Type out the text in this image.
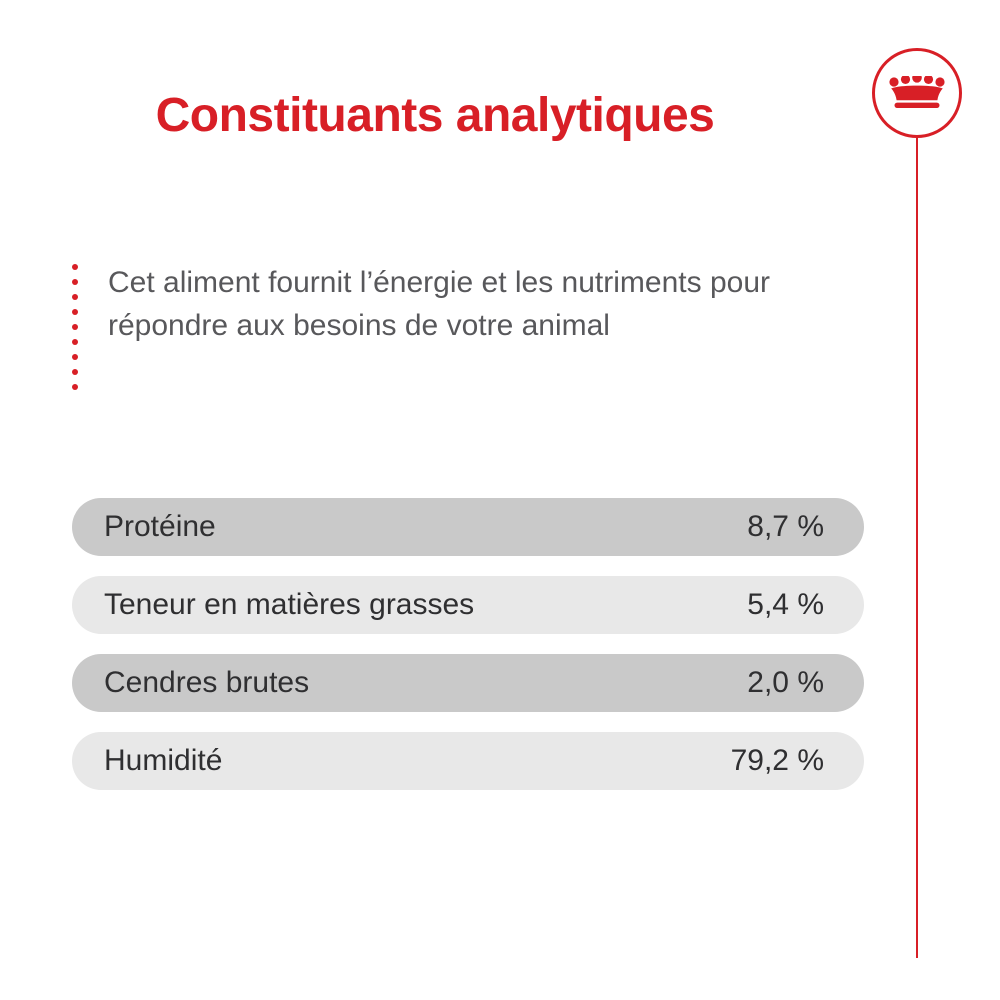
Constituants analytiques
Cet aliment fournit l’énergie et les nutriments pour répondre aux besoins de votre animal
Protéine	8,7 %
Teneur en matières grasses	5,4 %
Cendres brutes	2,0 %
Humidité	79,2 %
